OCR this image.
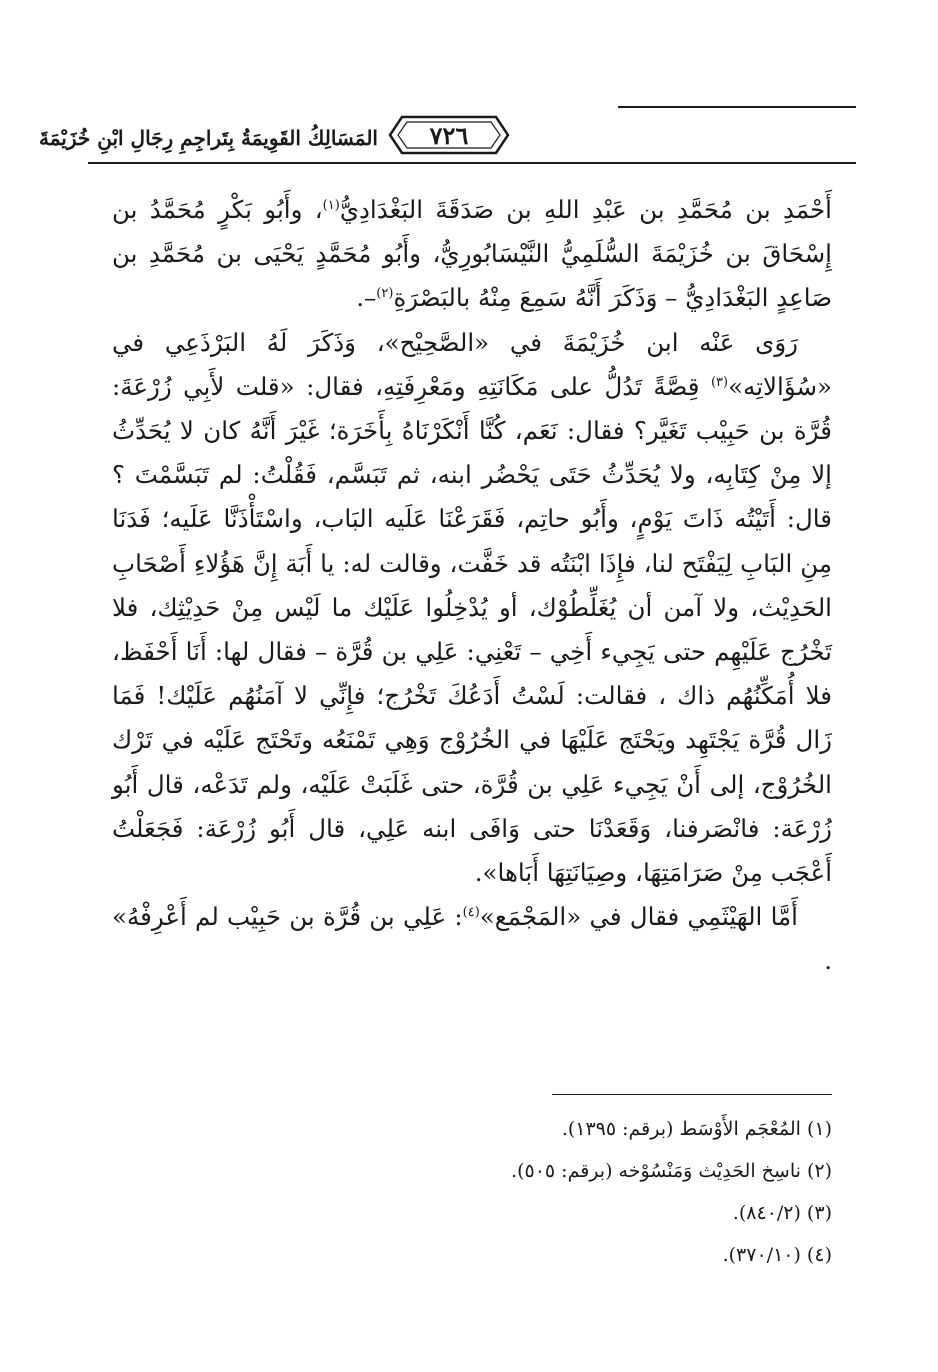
المَسَالِكُ القَوِيمَةُ بِتَراجِمِ رِجَالِ ابْنِ خُزَيْمَةَ	٧٢٦

أَحْمَدِ بن مُحَمَّدِ بن عَبْدِ اللهِ بن صَدَقَةَ البَغْدَادِيُّ$^{(١)}$، وأَبُو بَكْرٍ مُحَمَّدُ بن إِسْحَاقَ بن خُزَيْمَةَ السُّلَمِيُّ النَّيْسَابُورِيُّ، وأَبُو مُحَمَّدٍ يَحْيَى بن مُحَمَّدِ بن صَاعِدٍ البَغْدَادِيُّ – وَذَكَرَ أَنَّهُ سَمِعَ مِنْهُ بالبَصْرَةِ$^{(٢)}$–.

رَوَى عَنْه ابن خُزَيْمَةَ في «الصَّحِيْح»، وَذَكَرَ لَهُ البَرْذَعِي في «سُؤَالاتِه»$^{(٣)}$ قِصَّةً تَدُلُّ على مَكَانَتِهِ ومَعْرِفَتِهِ، فقال: «قلت لأَبِي زُرْعَةَ: قُرَّة بن حَبِيْب تَغَيَّر؟ فقال: نَعَم، كُنَّا أَنْكَرْنَاهُ بِأَخَرَة؛ غَيْرَ أَنَّهُ كان لا يُحَدِّثُ إلا مِنْ كِتَابِه، ولا يُحَدِّثُ حَتَى يَحْضُر ابنه، ثم تَبَسَّم، فَقُلْتُ: لم تَبَسَّمْتَ ؟ قال: أَتَيْتُه ذَاتَ يَوْمٍ، وأَبُو حاتِم، فَقَرَعْنَا عَلَيه البَاب، واسْتَأْذَنَّا عَلَيه؛ فَدَنَا مِنِ البَابِ لِيَفْتَح لنا، فإِذَا ابْنَتُه قد خَفَّت، وقالت له: يا أَبَة إِنَّ هَؤُلاءِ أَصْحَابِ الحَدِيْث، ولا آمن أن يُغَلِّطُوْك، أو يُدْخِلُوا عَلَيْك ما لَيْس مِنْ حَدِيْثِك، فلا تَخْرُج عَلَيْهِم حتى يَجِيء أَخِي – تَعْنِي: عَلِي بن قُرَّة – فقال لها: أَنَا أَحْفَظ، فلا أُمَكِّنُهُم ذاك ، فقالت: لَسْتُ أَدَعُكَ تَخْرُج؛ فإِنِّي لا آمَنُهُم عَلَيْك! فَمَا زَال قُرَّة يَجْتَهِد ويَحْتَج عَلَيْهَا في الخُرُوْج وَهِي تَمْنَعُه وتَحْتَج عَلَيْه في تَرْك الخُرُوْج، إلى أَنْ يَجِيء عَلِي بن قُرَّة، حتى غَلَبَتْ عَلَيْه، ولم تَدَعْه، قال أَبُو زُرْعَة: فانْصَرفنا، وَقَعَدْنَا حتى وَافَى ابنه عَلِي، قال أَبُو زُرْعَة: فَجَعَلْتُ أَعْجَب مِنْ صَرَامَتِهَا، وصِيَانَتِهَا أَبَاها».

أَمَّا الهَيْثَمِي فقال في «المَجْمَع»$^{(٤)}$: عَلِي بن قُرَّة بن حَبِيْب لم أَعْرِفْهُ» .

(١) المُعْجَم الأَوْسَط (برقم: ١٣٩٥).
(٢) ناسِخ الحَدِيْث وَمَنْسُوْخه (برقم: ٥٠٥).
(٣) (٨٤٠/٢).
(٤) (٣٧٠/١٠).
